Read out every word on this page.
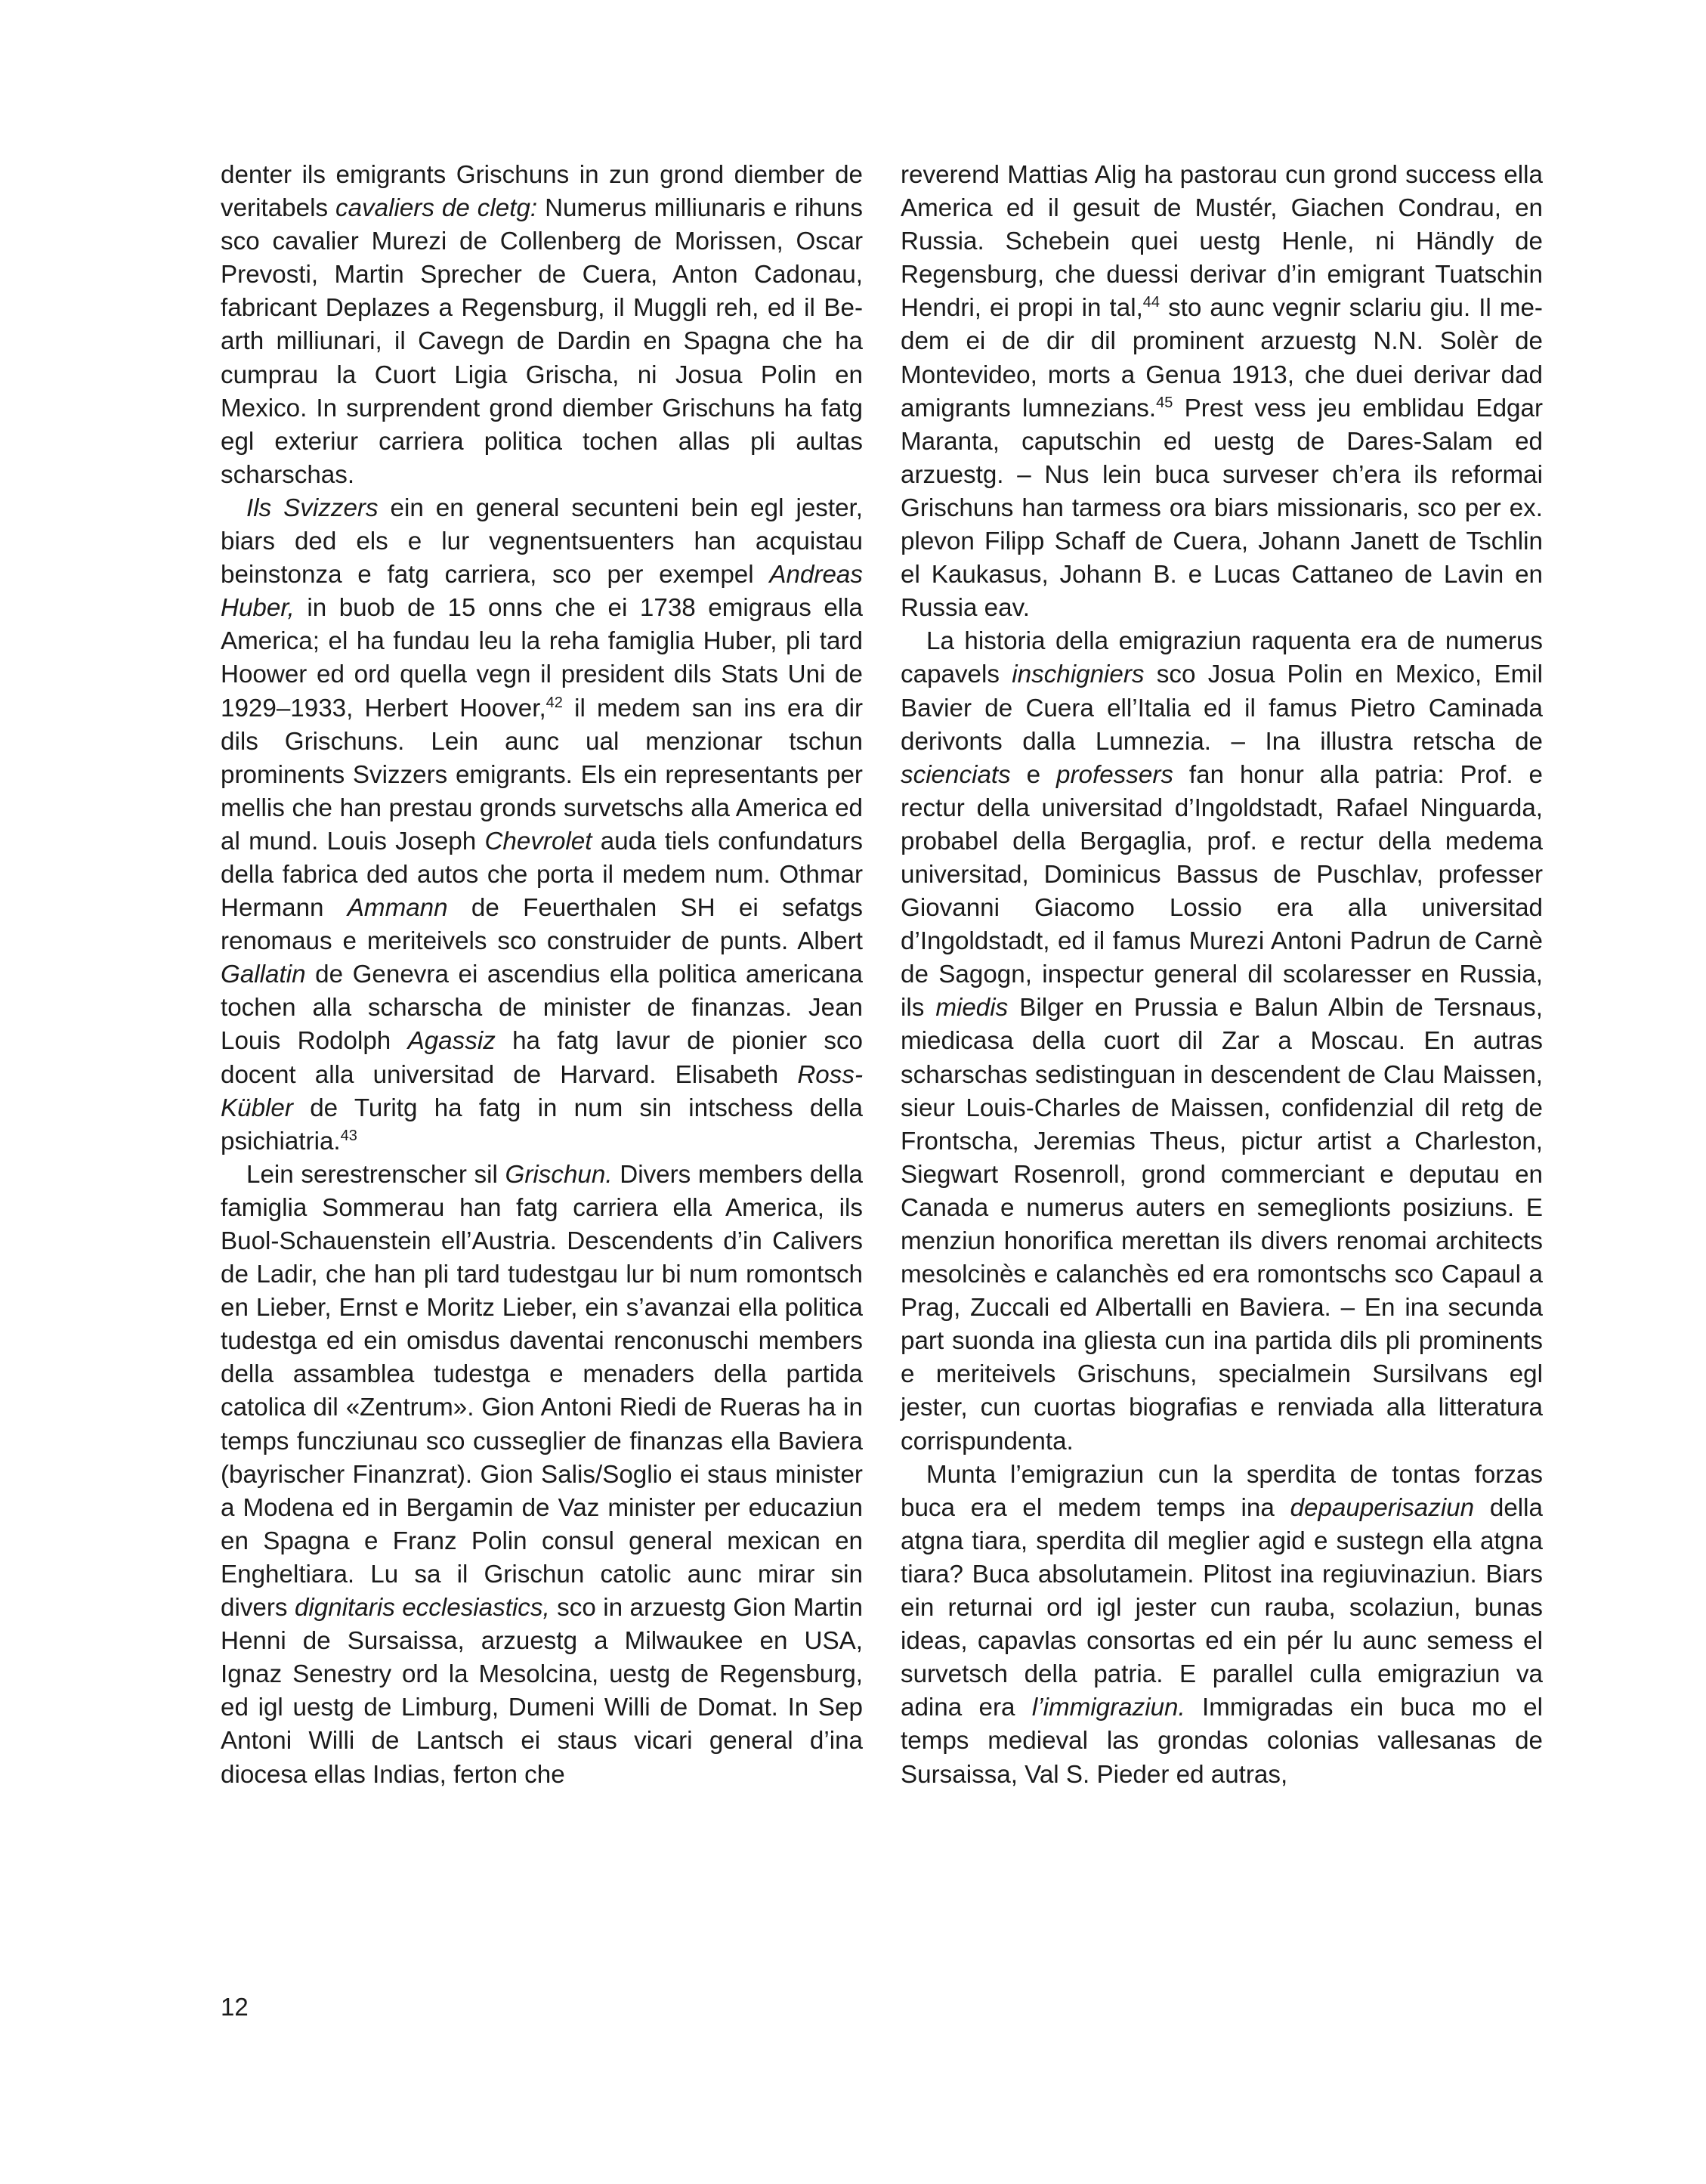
denter ils emigrants Grischuns in zun grond diember de veritabels cavaliers de cletg: Numerus milliunaris e rihuns sco cavalier Murezi de Collenberg de Morissen, Oscar Prevosti, Martin Sprecher de Cuera, Anton Cadonau, fabricant Deplazes a Regensburg, il Muggli reh, ed il Bearth milliunari, il Cavegn de Dardin en Spagna che ha cumprau la Cuort Ligia Grischa, ni Josua Polin en Mexico. In surprendent grond diember Grischuns ha fatg egl exteriur carriera politica tochen allas pli aultas scharschas.

Ils Svizzers ein en general secunteni bein egl jester, biars ded els e lur vegnentsuenters han acquistau beinstonza e fatg carriera, sco per exempel Andreas Huber, in buob de 15 onns che ei 1738 emigraus ella America; el ha fundau leu la reha famiglia Huber, pli tard Hoower ed ord quella vegn il president dils Stats Uni de 1929–1933, Herbert Hoover,$^{42}$ il medem san ins era dir dils Grischuns. Lein aunc ual menzionar tschun prominents Svizzers emigrants. Els ein representants per mellis che han prestau gronds survetschs alla America ed al mund. Louis Joseph Chevrolet auda tiels confundaturs della fabrica ded autos che porta il medem num. Othmar Hermann Ammann de Feuerthalen SH ei sefatgs renomaus e meriteivels sco construider de punts. Albert Gallatin de Genevra ei ascendius ella politica americana tochen alla scharscha de minister de finanzas. Jean Louis Rodolph Agassiz ha fatg lavur de pionier sco docent alla universitad de Harvard. Elisabeth Ross-Kübler de Turitg ha fatg in num sin intschess della psichiatria.$^{43}$

Lein serestrenscher sil Grischun. Divers members della famiglia Sommerau han fatg carriera ella America, ils Buol-Schauenstein ell’Austria. Descendents d’in Calivers de Ladir, che han pli tard tudestgau lur bi num romontsch en Lieber, Ernst e Moritz Lieber, ein s’avanzai ella politica tudestga ed ein omisdus daventai renconuschi members della assamblea tudestga e menaders della partida catolica dil «Zentrum». Gion Antoni Riedi de Rueras ha in temps funcziunau sco cusseglier de finanzas ella Baviera (bayrischer Finanzrat). Gion Salis/Soglio ei staus minister a Modena ed in Bergamin de Vaz minister per educaziun en Spagna e Franz Polin consul general mexican en Engheltiara. Lu sa il Grischun catolic aunc mirar sin divers dignitaris ecclesiastics, sco in arzuestg Gion Martin Henni de Sursaissa, arzuestg a Milwaukee en USA, Ignaz Senestry ord la Mesolcina, uestg de Regensburg, ed igl uestg de Limburg, Dumeni Willi de Domat. In Sep Antoni Willi de Lantsch ei staus vicari general d’ina diocesa ellas Indias, ferton che

reverend Mattias Alig ha pastorau cun grond success ella America ed il gesuit de Mustér, Giachen Condrau, en Russia. Schebein quei uestg Henle, ni Händly de Regensburg, che duessi derivar d’in emigrant Tuatschin Hendri, ei propi in tal,$^{44}$ sto aunc vegnir sclariu giu. Il medem ei de dir dil prominent arzuestg N.N. Solèr de Montevideo, morts a Genua 1913, che duei derivar dad amigrants lumnezians.$^{45}$ Prest vess jeu emblidau Edgar Maranta, caputschin ed uestg de Dares-Salam ed arzuestg. – Nus lein buca surveser ch’era ils reformai Grischuns han tarmess ora biars missionaris, sco per ex. plevon Filipp Schaff de Cuera, Johann Janett de Tschlin el Kaukasus, Johann B. e Lucas Cattaneo de Lavin en Russia eav.

La historia della emigraziun raquenta era de numerus capavels inschigniers sco Josua Polin en Mexico, Emil Bavier de Cuera ell’Italia ed il famus Pietro Caminada derivonts dalla Lumnezia. – Ina illustra retscha de scienciats e professers fan honur alla patria: Prof. e rectur della universitad d’Ingoldstadt, Rafael Ninguarda, probabel della Bergaglia, prof. e rectur della medema universitad, Dominicus Bassus de Puschlav, professer Giovanni Giacomo Lossio era alla universitad d’Ingoldstadt, ed il famus Murezi Antoni Padrun de Carnè de Sagogn, inspectur general dil scolaresser en Russia, ils miedis Bilger en Prussia e Balun Albin de Tersnaus, miedicasa della cuort dil Zar a Moscau. En autras scharschas sedistinguan in descendent de Clau Maissen, sieur Louis-Charles de Maissen, confidenzial dil retg de Frontscha, Jeremias Theus, pictur artist a Charleston, Siegwart Rosenroll, grond commerciant e deputau en Canada e numerus auters en semeglionts posiziuns. E menziun honorifica merettan ils divers renomai architects mesolcinès e calanchès ed era romontschs sco Capaul a Prag, Zuccali ed Albertalli en Baviera. – En ina secunda part suonda ina gliesta cun ina partida dils pli prominents e meriteivels Grischuns, specialmein Sursilvans egl jester, cun cuortas biografias e renviada alla litteratura corrispundenta.

Munta l’emigraziun cun la sperdita de tontas forzas buca era el medem temps ina depauperisaziun della atgna tiara, sperdita dil meglier agid e sustegn ella atgna tiara? Buca absolutamein. Plitost ina regiuvinaziun. Biars ein returnai ord igl jester cun rauba, scolaziun, bunas ideas, capavlas consortas ed ein pér lu aunc semess el survetsch della patria. E parallel culla emigraziun va adina era l’immigraziun. Immigradas ein buca mo el temps medieval las grondas colonias vallesanas de Sursaissa, Val S. Pieder ed autras,

12
